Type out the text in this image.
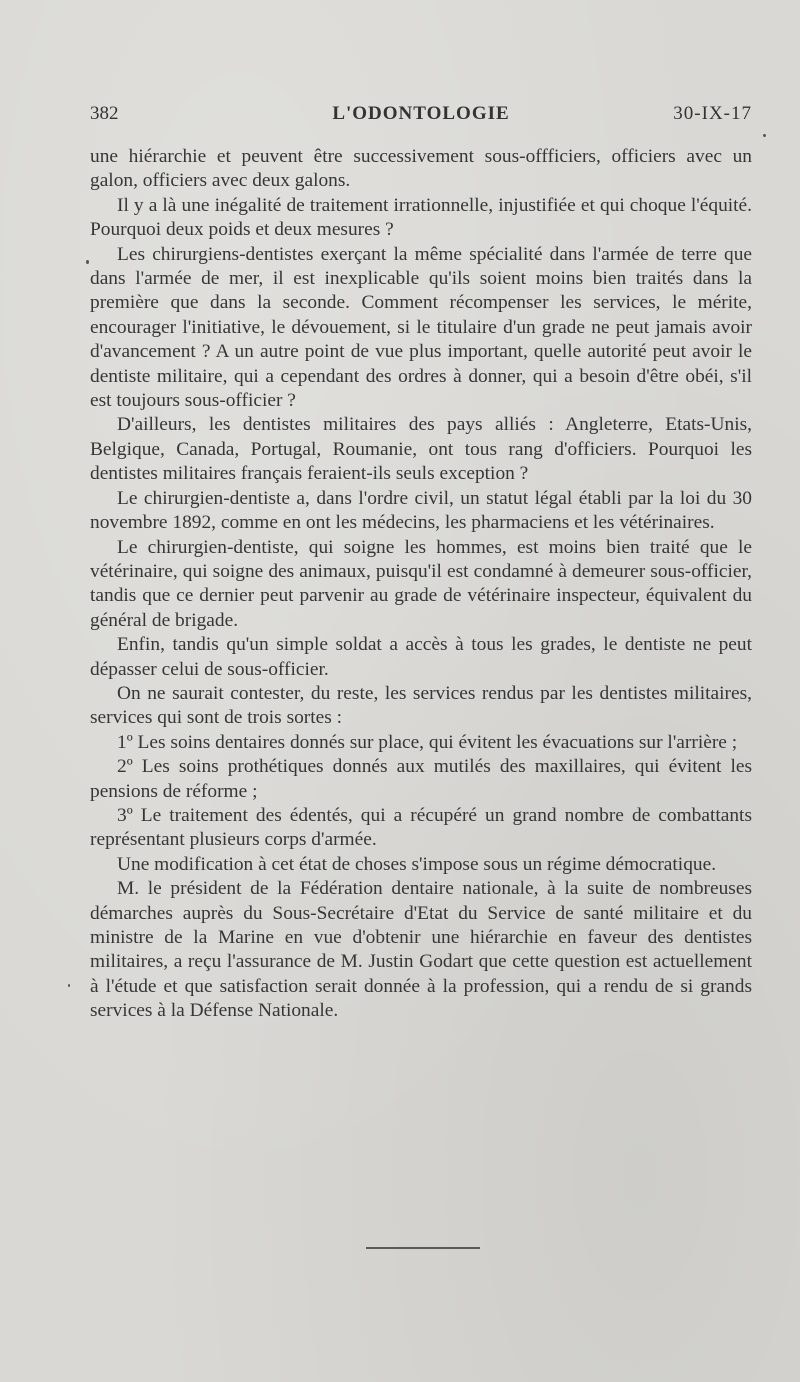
382	L'ODONTOLOGIE	30-IX-17

une hiérarchie et peuvent être successivement sous-offficiers, officiers avec un galon, officiers avec deux galons.

Il y a là une inégalité de traitement irrationnelle, injustifiée et qui choque l'équité. Pourquoi deux poids et deux mesures ?

Les chirurgiens-dentistes exerçant la même spécialité dans l'armée de terre que dans l'armée de mer, il est inexplicable qu'ils soient moins bien traités dans la première que dans la seconde. Comment récompenser les services, le mérite, encourager l'initiative, le dévouement, si le titulaire d'un grade ne peut jamais avoir d'avancement ? A un autre point de vue plus important, quelle autorité peut avoir le dentiste militaire, qui a cependant des ordres à donner, qui a besoin d'être obéi, s'il est toujours sous-officier ?

D'ailleurs, les dentistes militaires des pays alliés : Angleterre, Etats-Unis, Belgique, Canada, Portugal, Roumanie, ont tous rang d'officiers. Pourquoi les dentistes militaires français feraient-ils seuls exception ?

Le chirurgien-dentiste a, dans l'ordre civil, un statut légal établi par la loi du 30 novembre 1892, comme en ont les médecins, les pharmaciens et les vétérinaires.

Le chirurgien-dentiste, qui soigne les hommes, est moins bien traité que le vétérinaire, qui soigne des animaux, puisqu'il est condamné à demeurer sous-officier, tandis que ce dernier peut parvenir au grade de vétérinaire inspecteur, équivalent du général de brigade.

Enfin, tandis qu'un simple soldat a accès à tous les grades, le dentiste ne peut dépasser celui de sous-officier.

On ne saurait contester, du reste, les services rendus par les dentistes militaires, services qui sont de trois sortes :

1º Les soins dentaires donnés sur place, qui évitent les évacuations sur l'arrière ;

2º Les soins prothétiques donnés aux mutilés des maxillaires, qui évitent les pensions de réforme ;

3º Le traitement des édentés, qui a récupéré un grand nombre de combattants représentant plusieurs corps d'armée.

Une modification à cet état de choses s'impose sous un régime démocratique.

M. le président de la Fédération dentaire nationale, à la suite de nombreuses démarches auprès du Sous-Secrétaire d'Etat du Service de santé militaire et du ministre de la Marine en vue d'obtenir une hiérarchie en faveur des dentistes militaires, a reçu l'assurance de M. Justin Godart que cette question est actuellement à l'étude et que satisfaction serait donnée à la profession, qui a rendu de si grands services à la Défense Nationale.
